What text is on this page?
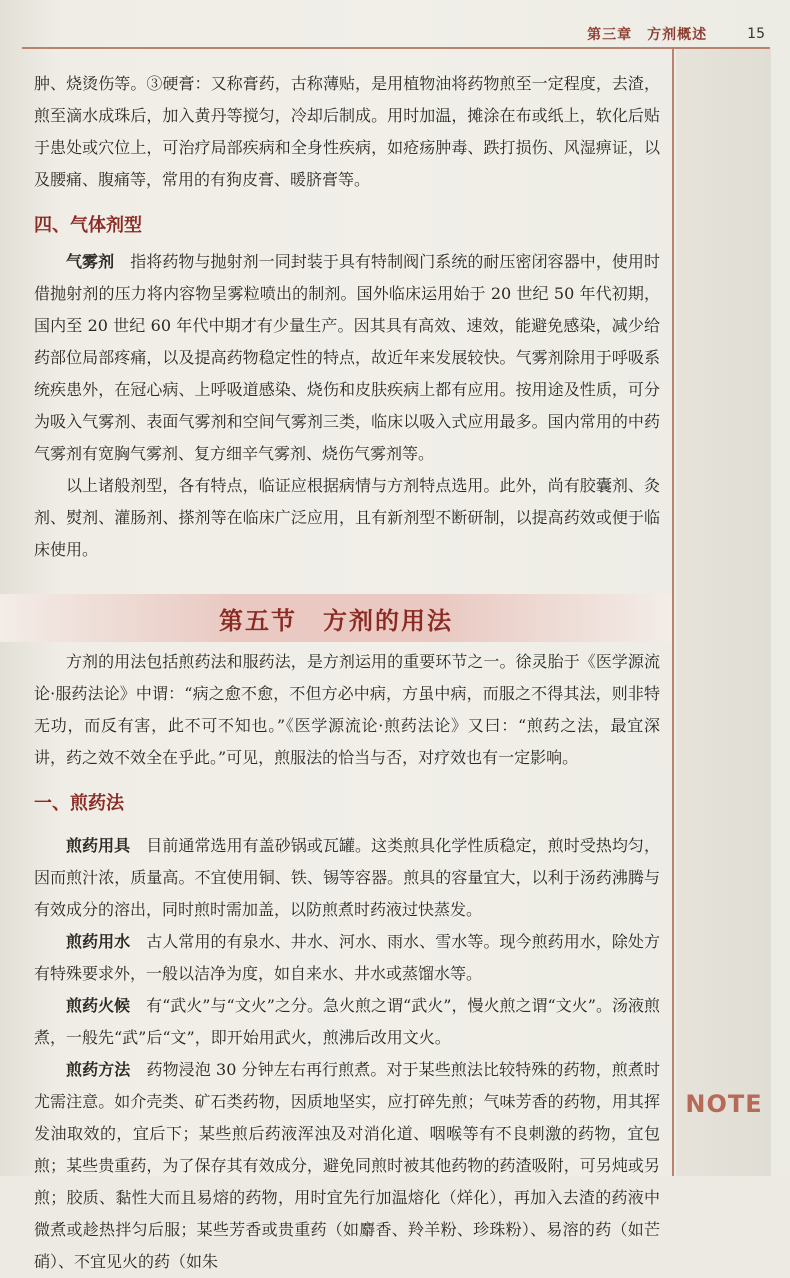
第三章　方剂概述	15
NOTE

肿、烧烫伤等。③硬膏：又称膏药，古称薄贴，是用植物油将药物煎至一定程度，去渣，煎至滴水成珠后，加入黄丹等搅匀，冷却后制成。用时加温，摊涂在布或纸上，软化后贴于患处或穴位上，可治疗局部疾病和全身性疾病，如疮疡肿毒、跌打损伤、风湿痹证，以及腰痛、腹痛等，常用的有狗皮膏、暖脐膏等。

四、气体剂型

气雾剂　指将药物与抛射剂一同封装于具有特制阀门系统的耐压密闭容器中，使用时借抛射剂的压力将内容物呈雾粒喷出的制剂。国外临床运用始于 20 世纪 50 年代初期，国内至 20 世纪 60 年代中期才有少量生产。因其具有高效、速效，能避免感染，减少给药部位局部疼痛，以及提高药物稳定性的特点，故近年来发展较快。气雾剂除用于呼吸系统疾患外，在冠心病、上呼吸道感染、烧伤和皮肤疾病上都有应用。按用途及性质，可分为吸入气雾剂、表面气雾剂和空间气雾剂三类，临床以吸入式应用最多。国内常用的中药气雾剂有宽胸气雾剂、复方细辛气雾剂、烧伤气雾剂等。

以上诸般剂型，各有特点，临证应根据病情与方剂特点选用。此外，尚有胶囊剂、灸剂、熨剂、灌肠剂、搽剂等在临床广泛应用，且有新剂型不断研制，以提高药效或便于临床使用。

第五节　方剂的用法

方剂的用法包括煎药法和服药法，是方剂运用的重要环节之一。徐灵胎于《医学源流论·服药法论》中谓：“病之愈不愈，不但方必中病，方虽中病，而服之不得其法，则非特无功，而反有害，此不可不知也。”《医学源流论·煎药法论》又曰：“煎药之法，最宜深讲，药之效不效全在乎此。”可见，煎服法的恰当与否，对疗效也有一定影响。

一、煎药法

煎药用具　目前通常选用有盖砂锅或瓦罐。这类煎具化学性质稳定，煎时受热均匀，因而煎汁浓，质量高。不宜使用铜、铁、锡等容器。煎具的容量宜大，以利于汤药沸腾与有效成分的溶出，同时煎时需加盖，以防煎煮时药液过快蒸发。

煎药用水　古人常用的有泉水、井水、河水、雨水、雪水等。现今煎药用水，除处方有特殊要求外，一般以洁净为度，如自来水、井水或蒸馏水等。

煎药火候　有“武火”与“文火”之分。急火煎之谓“武火”，慢火煎之谓“文火”。汤液煎煮，一般先“武”后“文”，即开始用武火，煎沸后改用文火。

煎药方法　药物浸泡 30 分钟左右再行煎煮。对于某些煎法比较特殊的药物，煎煮时尤需注意。如介壳类、矿石类药物，因质地坚实，应打碎先煎；气味芳香的药物，用其挥发油取效的，宜后下；某些煎后药液浑浊及对消化道、咽喉等有不良刺激的药物，宜包煎；某些贵重药，为了保存其有效成分，避免同煎时被其他药物的药渣吸附，可另炖或另煎；胶质、黏性大而且易熔的药物，用时宜先行加温熔化（烊化），再加入去渣的药液中微煮或趁热拌匀后服；某些芳香或贵重药（如麝香、羚羊粉、珍珠粉）、易溶的药（如芒硝）、不宜见火的药（如朱
